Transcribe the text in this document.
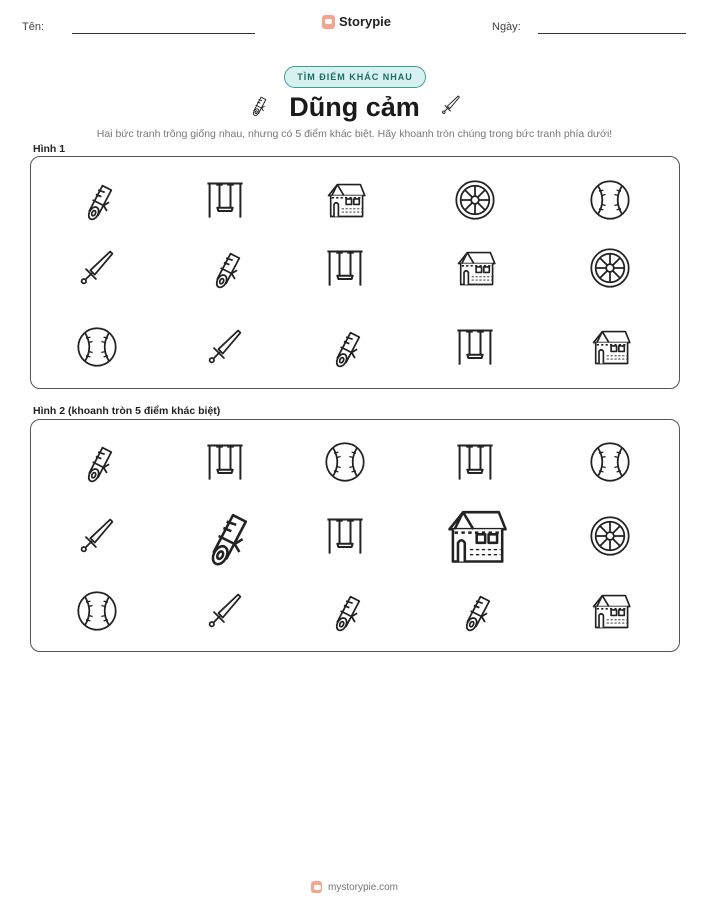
Tên:	Storypie	Ngày:
TÌM ĐIỂM KHÁC NHAU
Dũng cảm
Hai bức tranh trông giống nhau, nhưng có 5 điểm khác biệt. Hãy khoanh tròn chúng trong bức tranh phía dưới!
Hình 1
Hình 2 (khoanh tròn 5 điểm khác biệt)
mystorypie.com
